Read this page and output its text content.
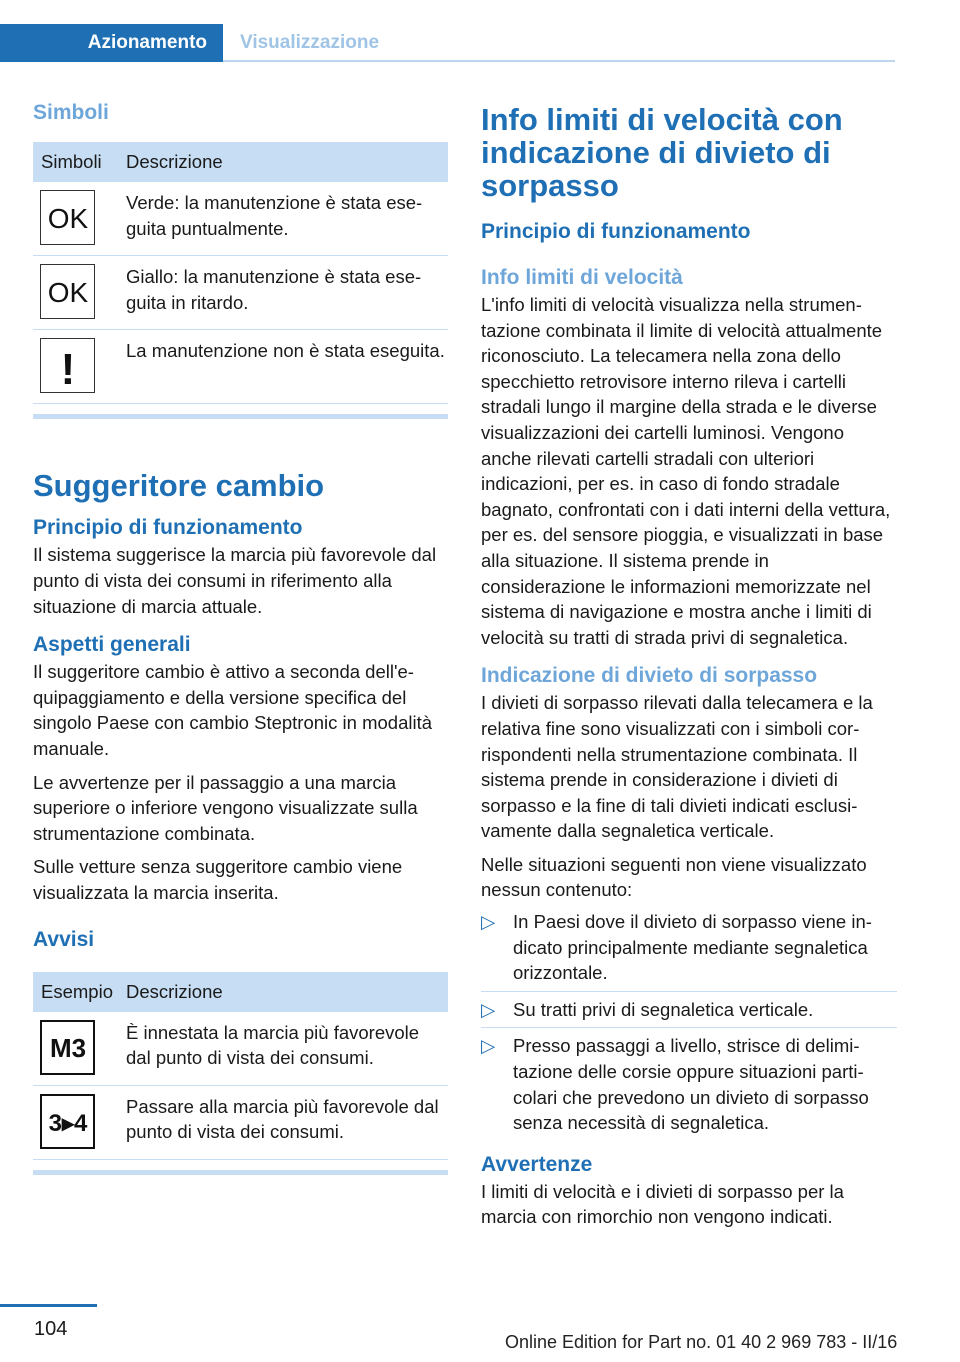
Azionamento	Visualizzazione
Simboli
Simboli	Descrizione

OK	Verde: la manutenzione è stata eseguita puntualmente.

OK	Giallo: la manutenzione è stata eseguita in ritardo.

!	La manutenzione non è stata eseguita.
Suggeritore cambio
Principio di funzionamento

Il sistema suggerisce la marcia più favorevole dal punto di vista dei consumi in riferimento alla situazione di marcia attuale.

Aspetti generali

Il suggeritore cambio è attivo a seconda dell'equipaggiamento e della versione specifica del singolo Paese con cambio Steptronic in modalità manuale.

Le avvertenze per il passaggio a una marcia superiore o inferiore vengono visualizzate sulla strumentazione combinata.

Sulle vetture senza suggeritore cambio viene visualizzata la marcia inserita.

Avvisi
Esempio	Descrizione

M3	È innestata la marcia più favorevole dal punto di vista dei consumi.

3▸4	Passare alla marcia più favorevole dal punto di vista dei consumi.
Info limiti di velocità con indicazione di divieto di sorpasso
Principio di funzionamento
Info limiti di velocità

L'info limiti di velocità visualizza nella strumentazione combinata il limite di velocità attualmente riconosciuto. La telecamera nella zona dello specchietto retrovisore interno rileva i cartelli stradali lungo il margine della strada e le diverse visualizzazioni dei cartelli luminosi. Vengono anche rilevati cartelli stradali con ulteriori indicazioni, per es. in caso di fondo stradale bagnato, confrontati con i dati interni della vettura, per es. del sensore pioggia, e visualizzati in base alla situazione. Il sistema prende in considerazione le informazioni memorizzate nel sistema di navigazione e mostra anche i limiti di velocità su tratti di strada privi di segnaletica.

Indicazione di divieto di sorpasso

I divieti di sorpasso rilevati dalla telecamera e la relativa fine sono visualizzati con i simboli corrispondenti nella strumentazione combinata. Il sistema prende in considerazione i divieti di sorpasso e la fine di tali divieti indicati esclusivamente dalla segnaletica verticale.

Nelle situazioni seguenti non viene visualizzato nessun contenuto:

▷ In Paesi dove il divieto di sorpasso viene indicato principalmente mediante segnaletica orizzontale.
▷ Su tratti privi di segnaletica verticale.
▷ Presso passaggi a livello, strisce di delimitazione delle corsie oppure situazioni particolari che prevedono un divieto di sorpasso senza necessità di segnaletica.
Avvertenze

I limiti di velocità e i divieti di sorpasso per la marcia con rimorchio non vengono indicati.

104
Online Edition for Part no. 01 40 2 969 783 - II/16
